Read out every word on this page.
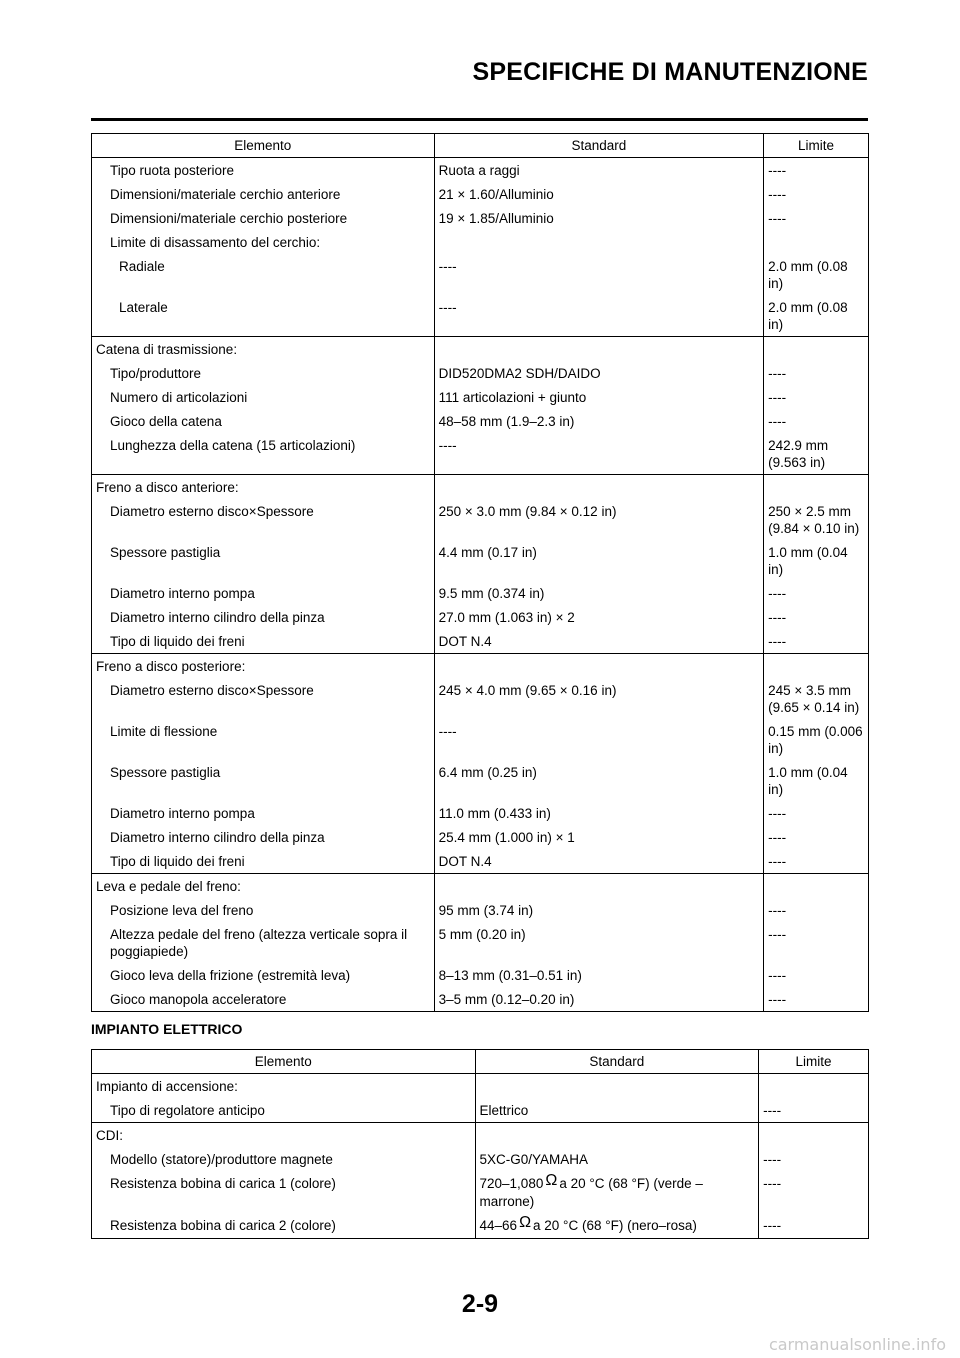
SPECIFICHE DI MANUTENZIONE
Elemento	Standard	Limite
Tipo ruota posteriore	Ruota a raggi	----
Dimensioni/materiale cerchio anteriore	21 × 1.60/Alluminio	----
Dimensioni/materiale cerchio posteriore	19 × 1.85/Alluminio	----
Limite di disassamento del cerchio:		
Radiale	----	2.0 mm (0.08 in)
Laterale	----	2.0 mm (0.08 in)
Catena di trasmissione:		
Tipo/produttore	DID520DMA2 SDH/DAIDO	----
Numero di articolazioni	111 articolazioni + giunto	----
Gioco della catena	48–58 mm (1.9–2.3 in)	----
Lunghezza della catena (15 articolazioni)	----	242.9 mm (9.563 in)
Freno a disco anteriore:		
Diametro esterno disco×Spessore	250 × 3.0 mm (9.84 × 0.12 in)	250 × 2.5 mm (9.84 × 0.10 in)
Spessore pastiglia	4.4 mm (0.17 in)	1.0 mm (0.04 in)
Diametro interno pompa	9.5 mm (0.374 in)	----
Diametro interno cilindro della pinza	27.0 mm (1.063 in) × 2	----
Tipo di liquido dei freni	DOT N.4	----
Freno a disco posteriore:		
Diametro esterno disco×Spessore	245 × 4.0 mm (9.65 × 0.16 in)	245 × 3.5 mm (9.65 × 0.14 in)
Limite di flessione	----	0.15 mm (0.006 in)
Spessore pastiglia	6.4 mm (0.25 in)	1.0 mm (0.04 in)
Diametro interno pompa	11.0 mm (0.433 in)	----
Diametro interno cilindro della pinza	25.4 mm (1.000 in) × 1	----
Tipo di liquido dei freni	DOT N.4	----
Leva e pedale del freno:		
Posizione leva del freno	95 mm (3.74 in)	----
Altezza pedale del freno (altezza verticale sopra il poggiapiede)	5 mm (0.20 in)	----
Gioco leva della frizione (estremità leva)	8–13 mm (0.31–0.51 in)	----
Gioco manopola acceleratore	3–5 mm (0.12–0.20 in)	----
IMPIANTO ELETTRICO
Elemento	Standard	Limite
Impianto di accensione:		
Tipo di regolatore anticipo	Elettrico	----
CDI:		
Modello (statore)/produttore magnete	5XC-G0/YAMAHA	----
Resistenza bobina di carica 1 (colore)	720–1,080 Ω a 20 °C (68 °F) (verde – marrone)	----
Resistenza bobina di carica 2 (colore)	44–66 Ω a 20 °C (68 °F) (nero–rosa)	----
2-9
carmanualsonline.info
